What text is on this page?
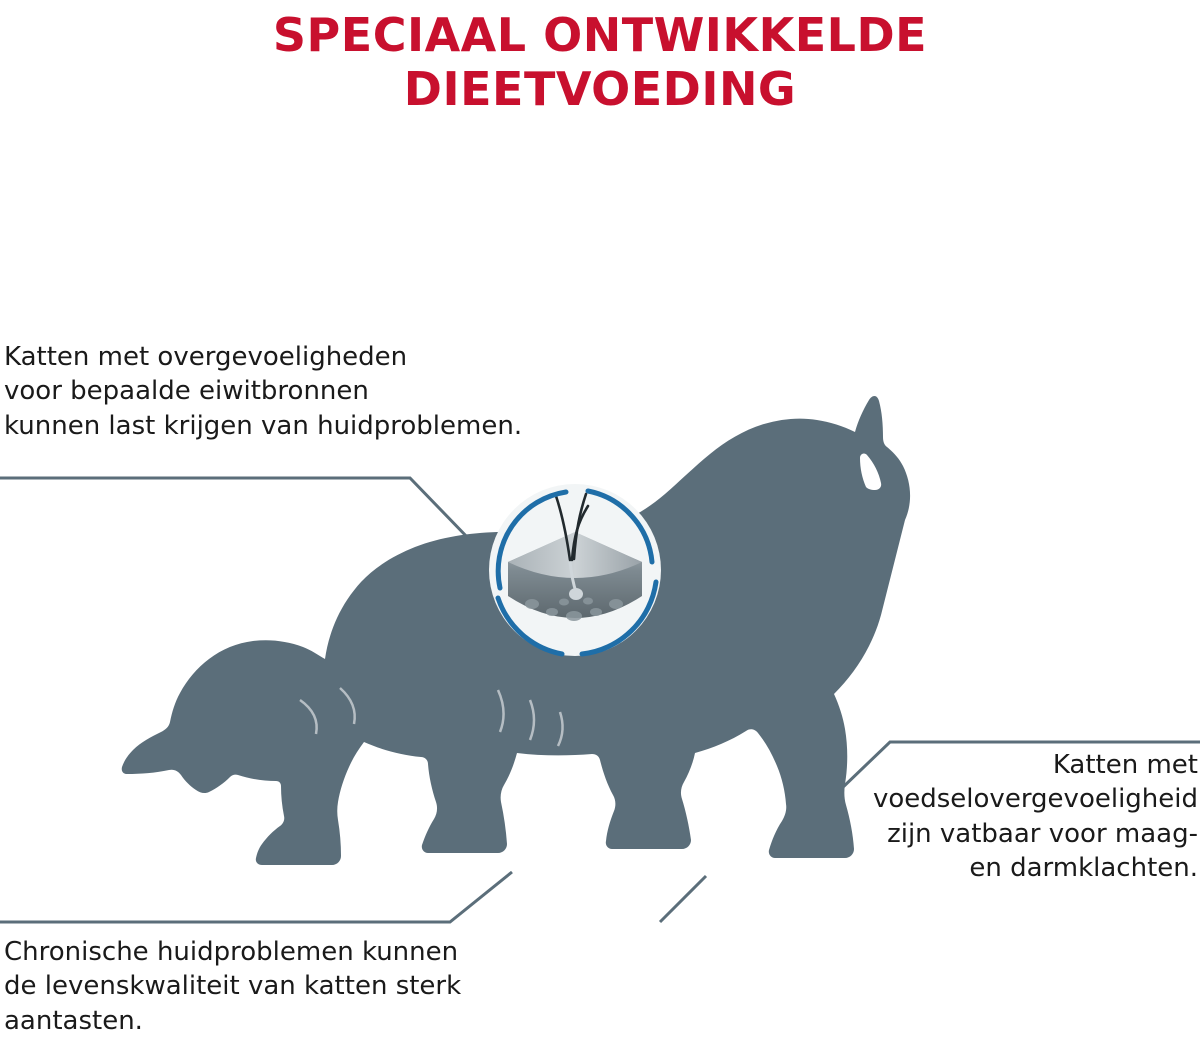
SPECIAAL ONTWIKKELDE
DIEETVOEDING
Katten met overgevoeligheden
voor bepaalde eiwitbronnen
kunnen last krijgen van huidproblemen.
Katten met
voedselovergevoeligheid
zijn vatbaar voor maag-
en darmklachten.
Chronische huidproblemen kunnen
de levenskwaliteit van katten sterk
aantasten.
